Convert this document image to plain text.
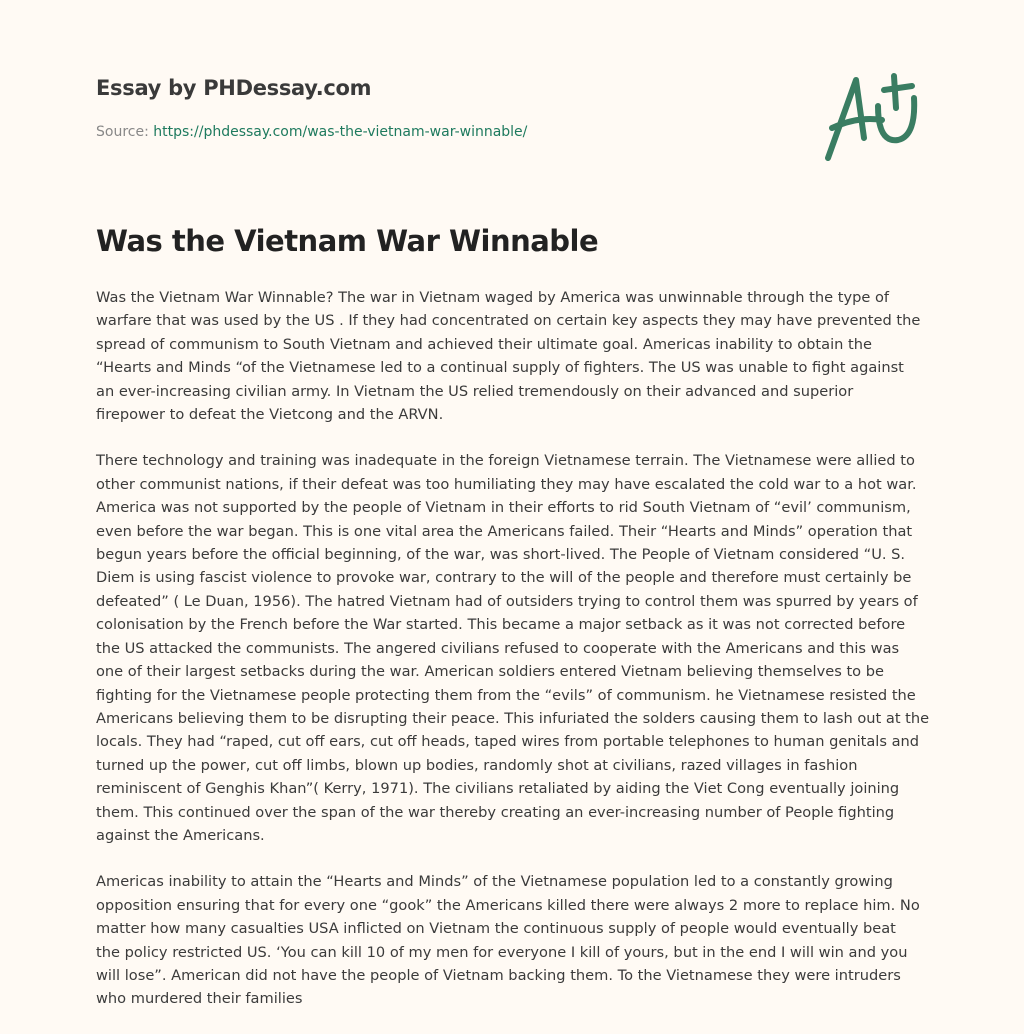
Essay by PHDessay.com
Source: https://phdessay.com/was-the-vietnam-war-winnable/
Was the Vietnam War Winnable

Was the Vietnam War Winnable? The war in Vietnam waged by America was unwinnable through the type of
warfare that was used by the US . If they had concentrated on certain key aspects they may have prevented the
spread of communism to South Vietnam and achieved their ultimate goal. Americas inability to obtain the
“Hearts and Minds “of the Vietnamese led to a continual supply of fighters. The US was unable to fight against
an ever-increasing civilian army. In Vietnam the US relied tremendously on their advanced and superior
firepower to defeat the Vietcong and the ARVN.

There technology and training was inadequate in the foreign Vietnamese terrain. The Vietnamese were allied to
other communist nations, if their defeat was too humiliating they may have escalated the cold war to a hot war.
America was not supported by the people of Vietnam in their efforts to rid South Vietnam of “evil’ communism,
even before the war began. This is one vital area the Americans failed. Their “Hearts and Minds” operation that
begun years before the official beginning, of the war, was short-lived. The People of Vietnam considered “U. S.
Diem is using fascist violence to provoke war, contrary to the will of the people and therefore must certainly be
defeated” ( Le Duan, 1956). The hatred Vietnam had of outsiders trying to control them was spurred by years of
colonisation by the French before the War started. This became a major setback as it was not corrected before
the US attacked the communists. The angered civilians refused to cooperate with the Americans and this was
one of their largest setbacks during the war. American soldiers entered Vietnam believing themselves to be
fighting for the Vietnamese people protecting them from the “evils” of communism. he Vietnamese resisted the
Americans believing them to be disrupting their peace. This infuriated the solders causing them to lash out at the
locals. They had “raped, cut off ears, cut off heads, taped wires from portable telephones to human genitals and
turned up the power, cut off limbs, blown up bodies, randomly shot at civilians, razed villages in fashion
reminiscent of Genghis Khan”( Kerry, 1971). The civilians retaliated by aiding the Viet Cong eventually joining
them. This continued over the span of the war thereby creating an ever-increasing number of People fighting
against the Americans.

Americas inability to attain the “Hearts and Minds” of the Vietnamese population led to a constantly growing
opposition ensuring that for every one “gook” the Americans killed there were always 2 more to replace him. No
matter how many casualties USA inflicted on Vietnam the continuous supply of people would eventually beat
the policy restricted US. ‘You can kill 10 of my men for everyone I kill of yours, but in the end I will win and you
will lose”. American did not have the people of Vietnam backing them. To the Vietnamese they were intruders
who murdered their families
